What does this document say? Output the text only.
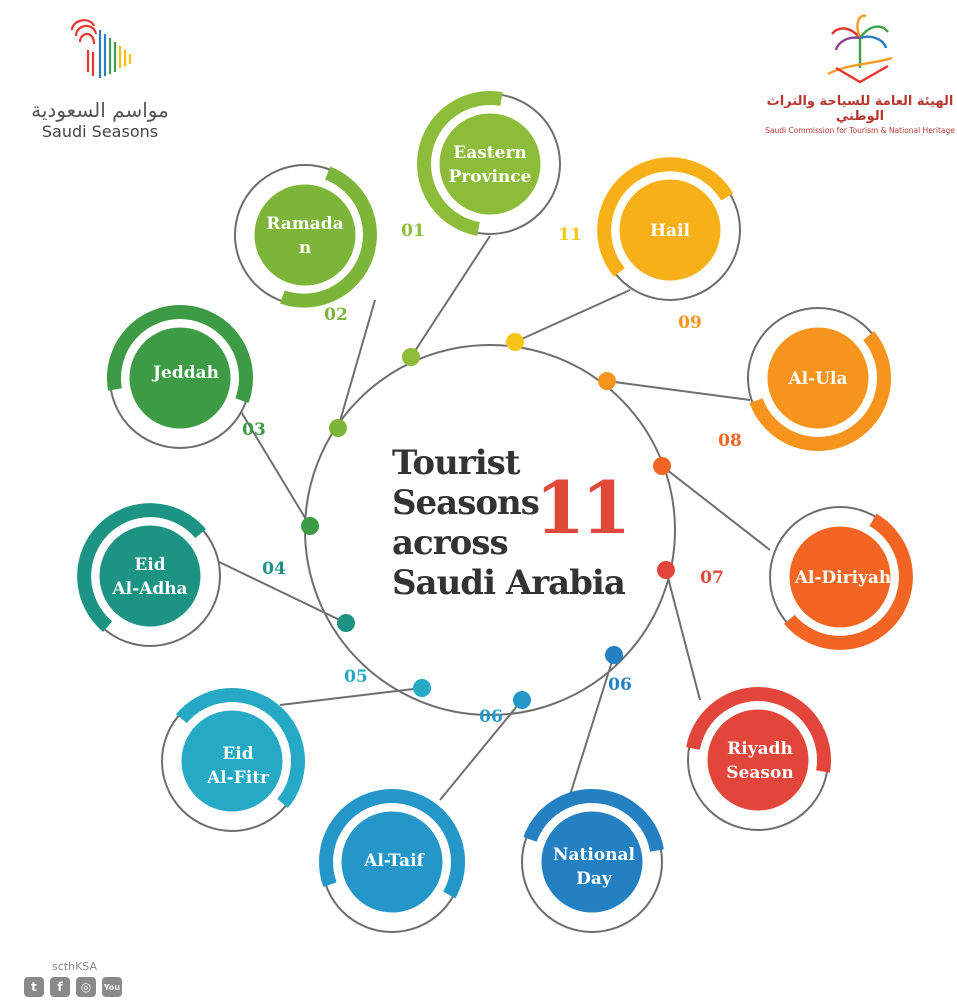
مواسم السعودية
Saudi Seasons
الهيئة العامة للسياحة والتراث الوطني
Saudi Commission for Tourism & National Heritage
Eastern
Province
01
Ramada
n
02
Jeddah
03
Eid
Al-Adha
04
Eid
Al-Fitr
05
Al-Taif
06
National
Day
06
Riyadh
Season
07	Al-Diriyah
08
Al-Ula
09
Hail
11
Tourist
Seasons
across
Saudi Arabia
11
scthKSA
t	f	◎	You
